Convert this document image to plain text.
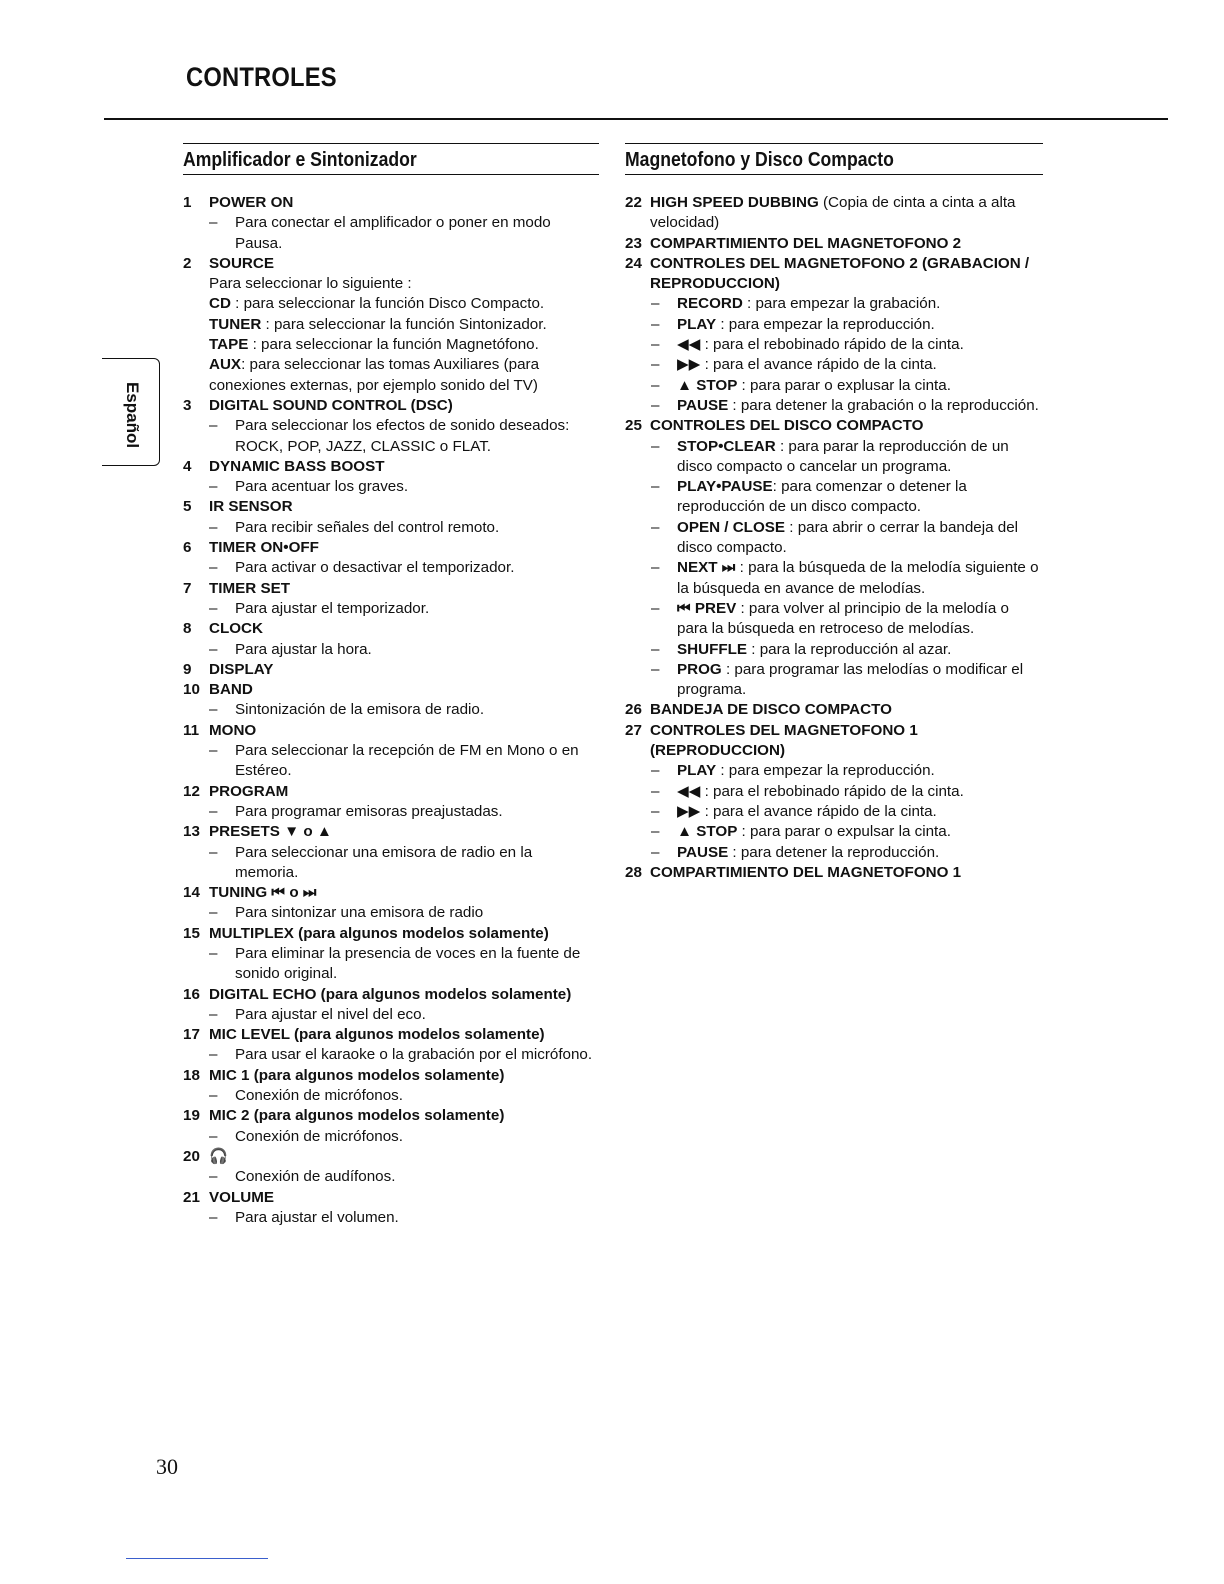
CONTROLES
Español
Amplificador e Sintonizador
1	POWER ON
–	Para conectar el amplificador o poner en modo Pausa.
2	SOURCE
Para seleccionar lo siguiente :
CD : para seleccionar la función Disco Compacto.
TUNER : para seleccionar la función Sintonizador.
TAPE : para seleccionar la función Magnetófono.
AUX: para seleccionar las tomas Auxiliares (para conexiones externas, por ejemplo sonido del TV)
3	DIGITAL SOUND CONTROL (DSC)
–	Para seleccionar los efectos de sonido deseados: ROCK, POP, JAZZ, CLASSIC o FLAT.
4	DYNAMIC BASS BOOST
–	Para acentuar los graves.
5	IR SENSOR
–	Para recibir señales del control remoto.
6	TIMER ON•OFF
–	Para activar o desactivar el temporizador.
7	TIMER SET
–	Para ajustar el temporizador.
8	CLOCK
–	Para ajustar la hora.
9	DISPLAY
10 BAND
–	Sintonización de la emisora de radio.
11 MONO
–	Para seleccionar la recepción de FM en Mono o en Estéreo.
12 PROGRAM
–	Para programar emisoras preajustadas.
13 PRESETS ▼ o ▲
–	Para seleccionar una emisora de radio en la memoria.
14 TUNING ⏮ o ⏭
–	Para sintonizar una emisora de radio
15 MULTIPLEX (para algunos modelos solamente)
–	Para eliminar la presencia de voces en la fuente de sonido original.
16 DIGITAL ECHO (para algunos modelos solamente)
–	Para ajustar el nivel del eco.
17 MIC LEVEL (para algunos modelos solamente)
–	Para usar el karaoke o la grabación por el micrófono.
18 MIC 1 (para algunos modelos solamente)
–	Conexión de micrófonos.
19 MIC 2 (para algunos modelos solamente)
–	Conexión de micrófonos.
20 🎧
–	Conexión de audífonos.
21 VOLUME
–	Para ajustar el volumen.
Magnetofono y Disco Compacto
22 HIGH SPEED DUBBING (Copia de cinta a cinta a alta velocidad)
23 COMPARTIMIENTO DEL MAGNETOFONO 2
24 CONTROLES DEL MAGNETOFONO 2 (GRABACION / REPRODUCCION)
–	RECORD : para empezar la grabación.
–	PLAY : para empezar la reproducción.
–	◀◀ : para el rebobinado rápido de la cinta.
–	▶▶ : para el avance rápido de la cinta.
–	▲ STOP : para parar o explusar la cinta.
–	PAUSE : para detener la grabación o la reproducción.
25 CONTROLES DEL DISCO COMPACTO
–	STOP•CLEAR : para parar la reproducción de un disco compacto o cancelar un programa.
–	PLAY•PAUSE: para comenzar o detener la reproducción de un disco compacto.
–	OPEN / CLOSE : para abrir o cerrar la bandeja del disco compacto.
–	NEXT ⏭ : para la búsqueda de la melodía siguiente o la búsqueda en avance de melodías.
–	⏮ PREV : para volver al principio de la melodía o para la búsqueda en retroceso de melodías.
–	SHUFFLE : para la reproducción al azar.
–	PROG : para programar las melodías o modificar el programa.
26 BANDEJA DE DISCO COMPACTO
27 CONTROLES DEL MAGNETOFONO 1 (REPRODUCCION)
–	PLAY : para empezar la reproducción.
–	◀◀ : para el rebobinado rápido de la cinta.
–	▶▶ : para el avance rápido de la cinta.
–	▲ STOP : para parar o expulsar la cinta.
–	PAUSE : para detener la reproducción.
28 COMPARTIMIENTO DEL MAGNETOFONO 1
30
